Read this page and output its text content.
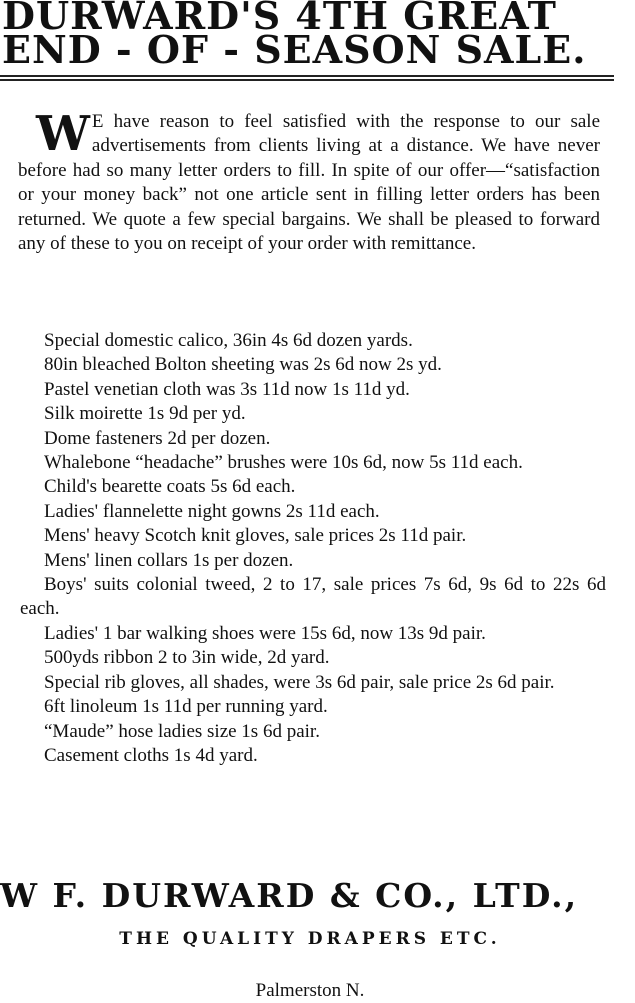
DURWARD'S 4TH GREAT
END - OF - SEASON SALE.

W E have reason to feel satisfied with the response to our sale advertisements from clients living at a distance. We have never before had so many letter orders to fill. In spite of our offer—“satisfaction or your money back” not one article sent in filling letter orders has been returned. We quote a few special bargains. We shall be pleased to forward any of these to you on receipt of your order with remittance.

Special domestic calico, 36in 4s 6d dozen yards.
80in bleached Bolton sheeting was 2s 6d now 2s yd.
Pastel venetian cloth was 3s 11d now 1s 11d yd.
Silk moirette 1s 9d per yd.
Dome fasteners 2d per dozen.
Whalebone “headache” brushes were 10s 6d, now 5s 11d each.
Child's bearette coats 5s 6d each.
Ladies' flannelette night gowns 2s 11d each.
Mens' heavy Scotch knit gloves, sale prices 2s 11d pair.
Mens' linen collars 1s per dozen.
Boys' suits colonial tweed, 2 to 17, sale prices 7s 6d, 9s 6d to 22s 6d each.
Ladies' 1 bar walking shoes were 15s 6d, now 13s 9d pair.
500yds ribbon 2 to 3in wide, 2d yard.
Special rib gloves, all shades, were 3s 6d pair, sale price 2s 6d pair.
6ft linoleum 1s 11d per running yard.
“Maude” hose ladies size 1s 6d pair.
Casement cloths 1s 4d yard.
W F. DURWARD & CO., LTD.,

THE QUALITY DRAPERS ETC.

Palmerston N.
